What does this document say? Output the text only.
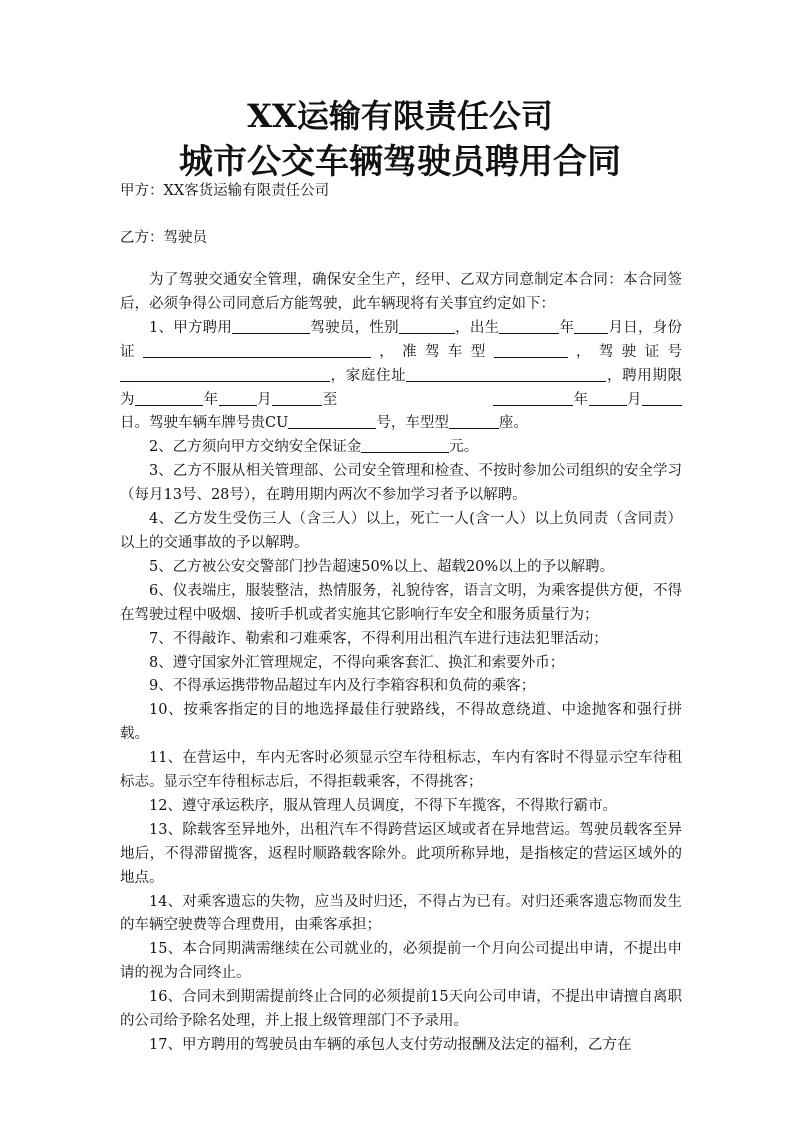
XX运输有限责任公司
城市公交车辆驾驶员聘用合同
甲方：XX客货运输有限责任公司
乙方：驾驶员

为了驾驶交通安全管理，确保安全生产，经甲、乙双方同意制定本合同：本合同签后，必须争得公司同意后方能驾驶，此车辆现将有关事宜约定如下：

1、甲方聘用	驾驶员，性别	，出生	年 月日，身份证	，准驾车型	，驾驶证号，家庭住址	，聘用期限为	年	月	至	年	月日。驾驶车辆车牌号贵CU	号，车型型	座。

2、乙方须向甲方交纳安全保证金	元。

3、乙方不服从相关管理部、公司安全管理和检查、不按时参加公司组织的安全学习（每月13号、28号），在聘用期内两次不参加学习者予以解聘。

4、乙方发生受伤三人（含三人）以上，死亡一人(含一人）以上负同责（含同责）以上的交通事故的予以解聘。

5、乙方被公安交警部门抄告超速50%以上、超载20%以上的予以解聘。

6、仪表端庄，服装整洁，热情服务，礼貌待客，语言文明，为乘客提供方便，不得在驾驶过程中吸烟、接听手机或者实施其它影响行车安全和服务质量行为；

7、不得敲诈、勒索和刁难乘客，不得利用出租汽车进行违法犯罪活动；

8、遵守国家外汇管理规定，不得向乘客套汇、换汇和索要外币；

9、不得承运携带物品超过车内及行李箱容积和负荷的乘客；

10、按乘客指定的目的地选择最佳行驶路线，不得故意绕道、中途抛客和强行拼载。

11、在营运中，车内无客时必须显示空车待租标志，车内有客时不得显示空车待租标志。显示空车待租标志后，不得拒载乘客，不得挑客；

12、遵守承运秩序，服从管理人员调度，不得下车揽客，不得欺行霸市。

13、除载客至异地外，出租汽车不得跨营运区域或者在异地营运。驾驶员载客至异地后，不得滞留揽客，返程时顺路载客除外。此项所称异地，是指核定的营运区域外的地点。

14、对乘客遗忘的失物，应当及时归还，不得占为已有。对归还乘客遗忘物而发生的车辆空驶费等合理费用，由乘客承担；

15、本合同期满需继续在公司就业的，必须提前一个月向公司提出申请，不提出申请的视为合同终止。

16、合同未到期需提前终止合同的必须提前15天向公司申请，不提出申请擅自离职的公司给予除名处理，并上报上级管理部门不予录用。

17、甲方聘用的驾驶员由车辆的承包人支付劳动报酬及法定的福利，乙方在
